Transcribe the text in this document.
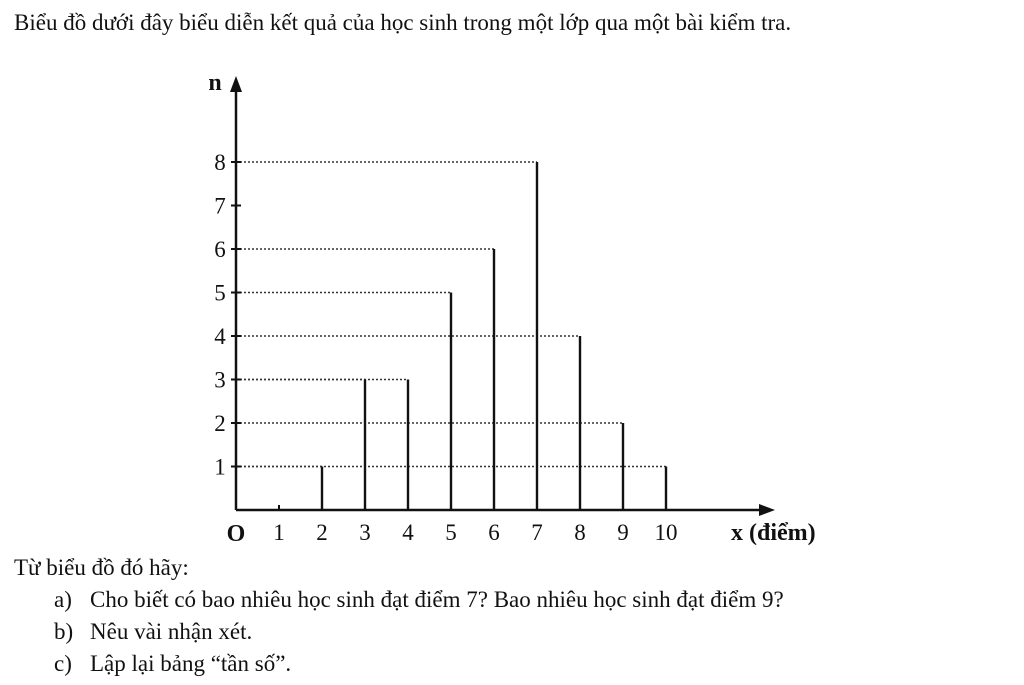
Biểu đồ dưới đây biểu diễn kết quả của học sinh trong một lớp qua một bài kiểm tra.

1
2
3
4
5
6
7
8
1 2 3 4 5 6 7 8 9 10
O	x (điểm)
n

Từ biểu đồ đó hãy:

a) Cho biết có bao nhiêu học sinh đạt điểm 7? Bao nhiêu học sinh đạt điểm 9?
b) Nêu vài nhận xét.
c) Lập lại bảng “tần số”.
